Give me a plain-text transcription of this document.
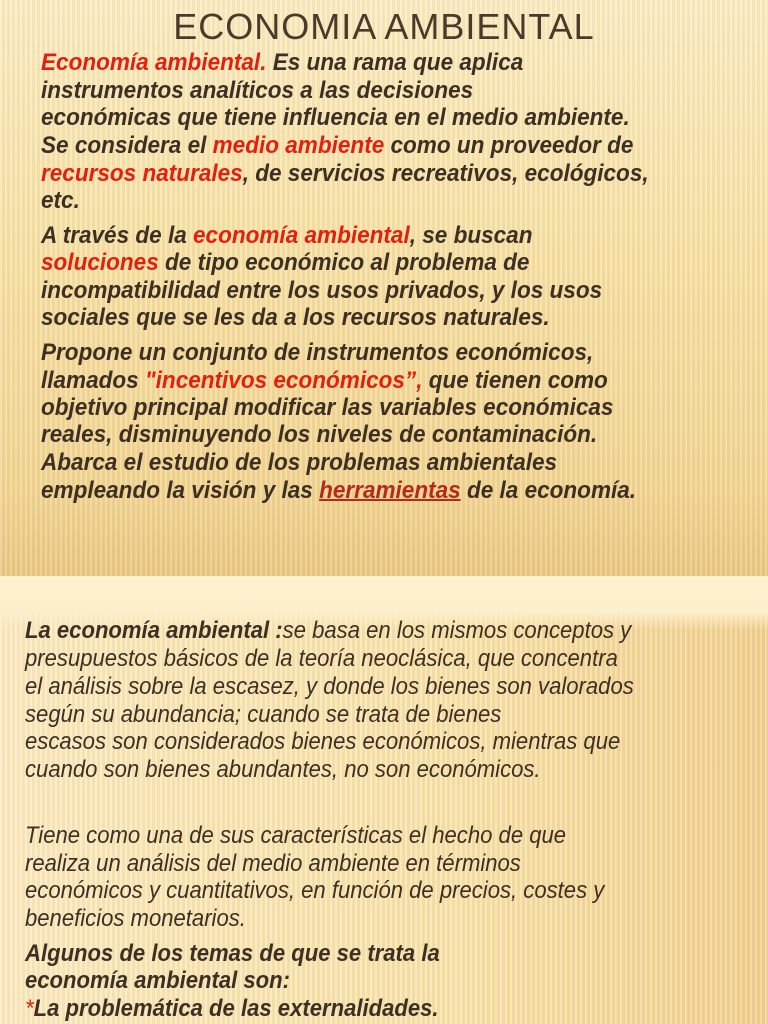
ECONOMIA AMBIENTAL
Economía ambiental. Es una rama que aplica
instrumentos analíticos a las decisiones
económicas que tiene influencia en el medio ambiente.
Se considera el medio ambiente como un proveedor de
recursos naturales, de servicios recreativos, ecológicos,
etc.
A través de la economía ambiental, se buscan
soluciones de tipo económico al problema de
incompatibilidad entre los usos privados, y los usos
sociales que se les da a los recursos naturales.
Propone un conjunto de instrumentos económicos,
llamados "incentivos económicos”, que tienen como
objetivo principal modificar las variables económicas
reales, disminuyendo los niveles de contaminación.
Abarca el estudio de los problemas ambientales
empleando la visión y las herramientas de la economía.
La economía ambiental :se basa en los mismos conceptos y
presupuestos básicos de la teoría neoclásica, que concentra
el análisis sobre la escasez, y donde los bienes son valorados
según su abundancia; cuando se trata de bienes
escasos son considerados bienes económicos, mientras que
cuando son bienes abundantes, no son económicos.
Tiene como una de sus características el hecho de que
realiza un análisis del medio ambiente en términos
económicos y cuantitativos, en función de precios, costes y
beneficios monetarios.
Algunos de los temas de que se trata la
economía ambiental son:
*La problemática de las externalidades.
